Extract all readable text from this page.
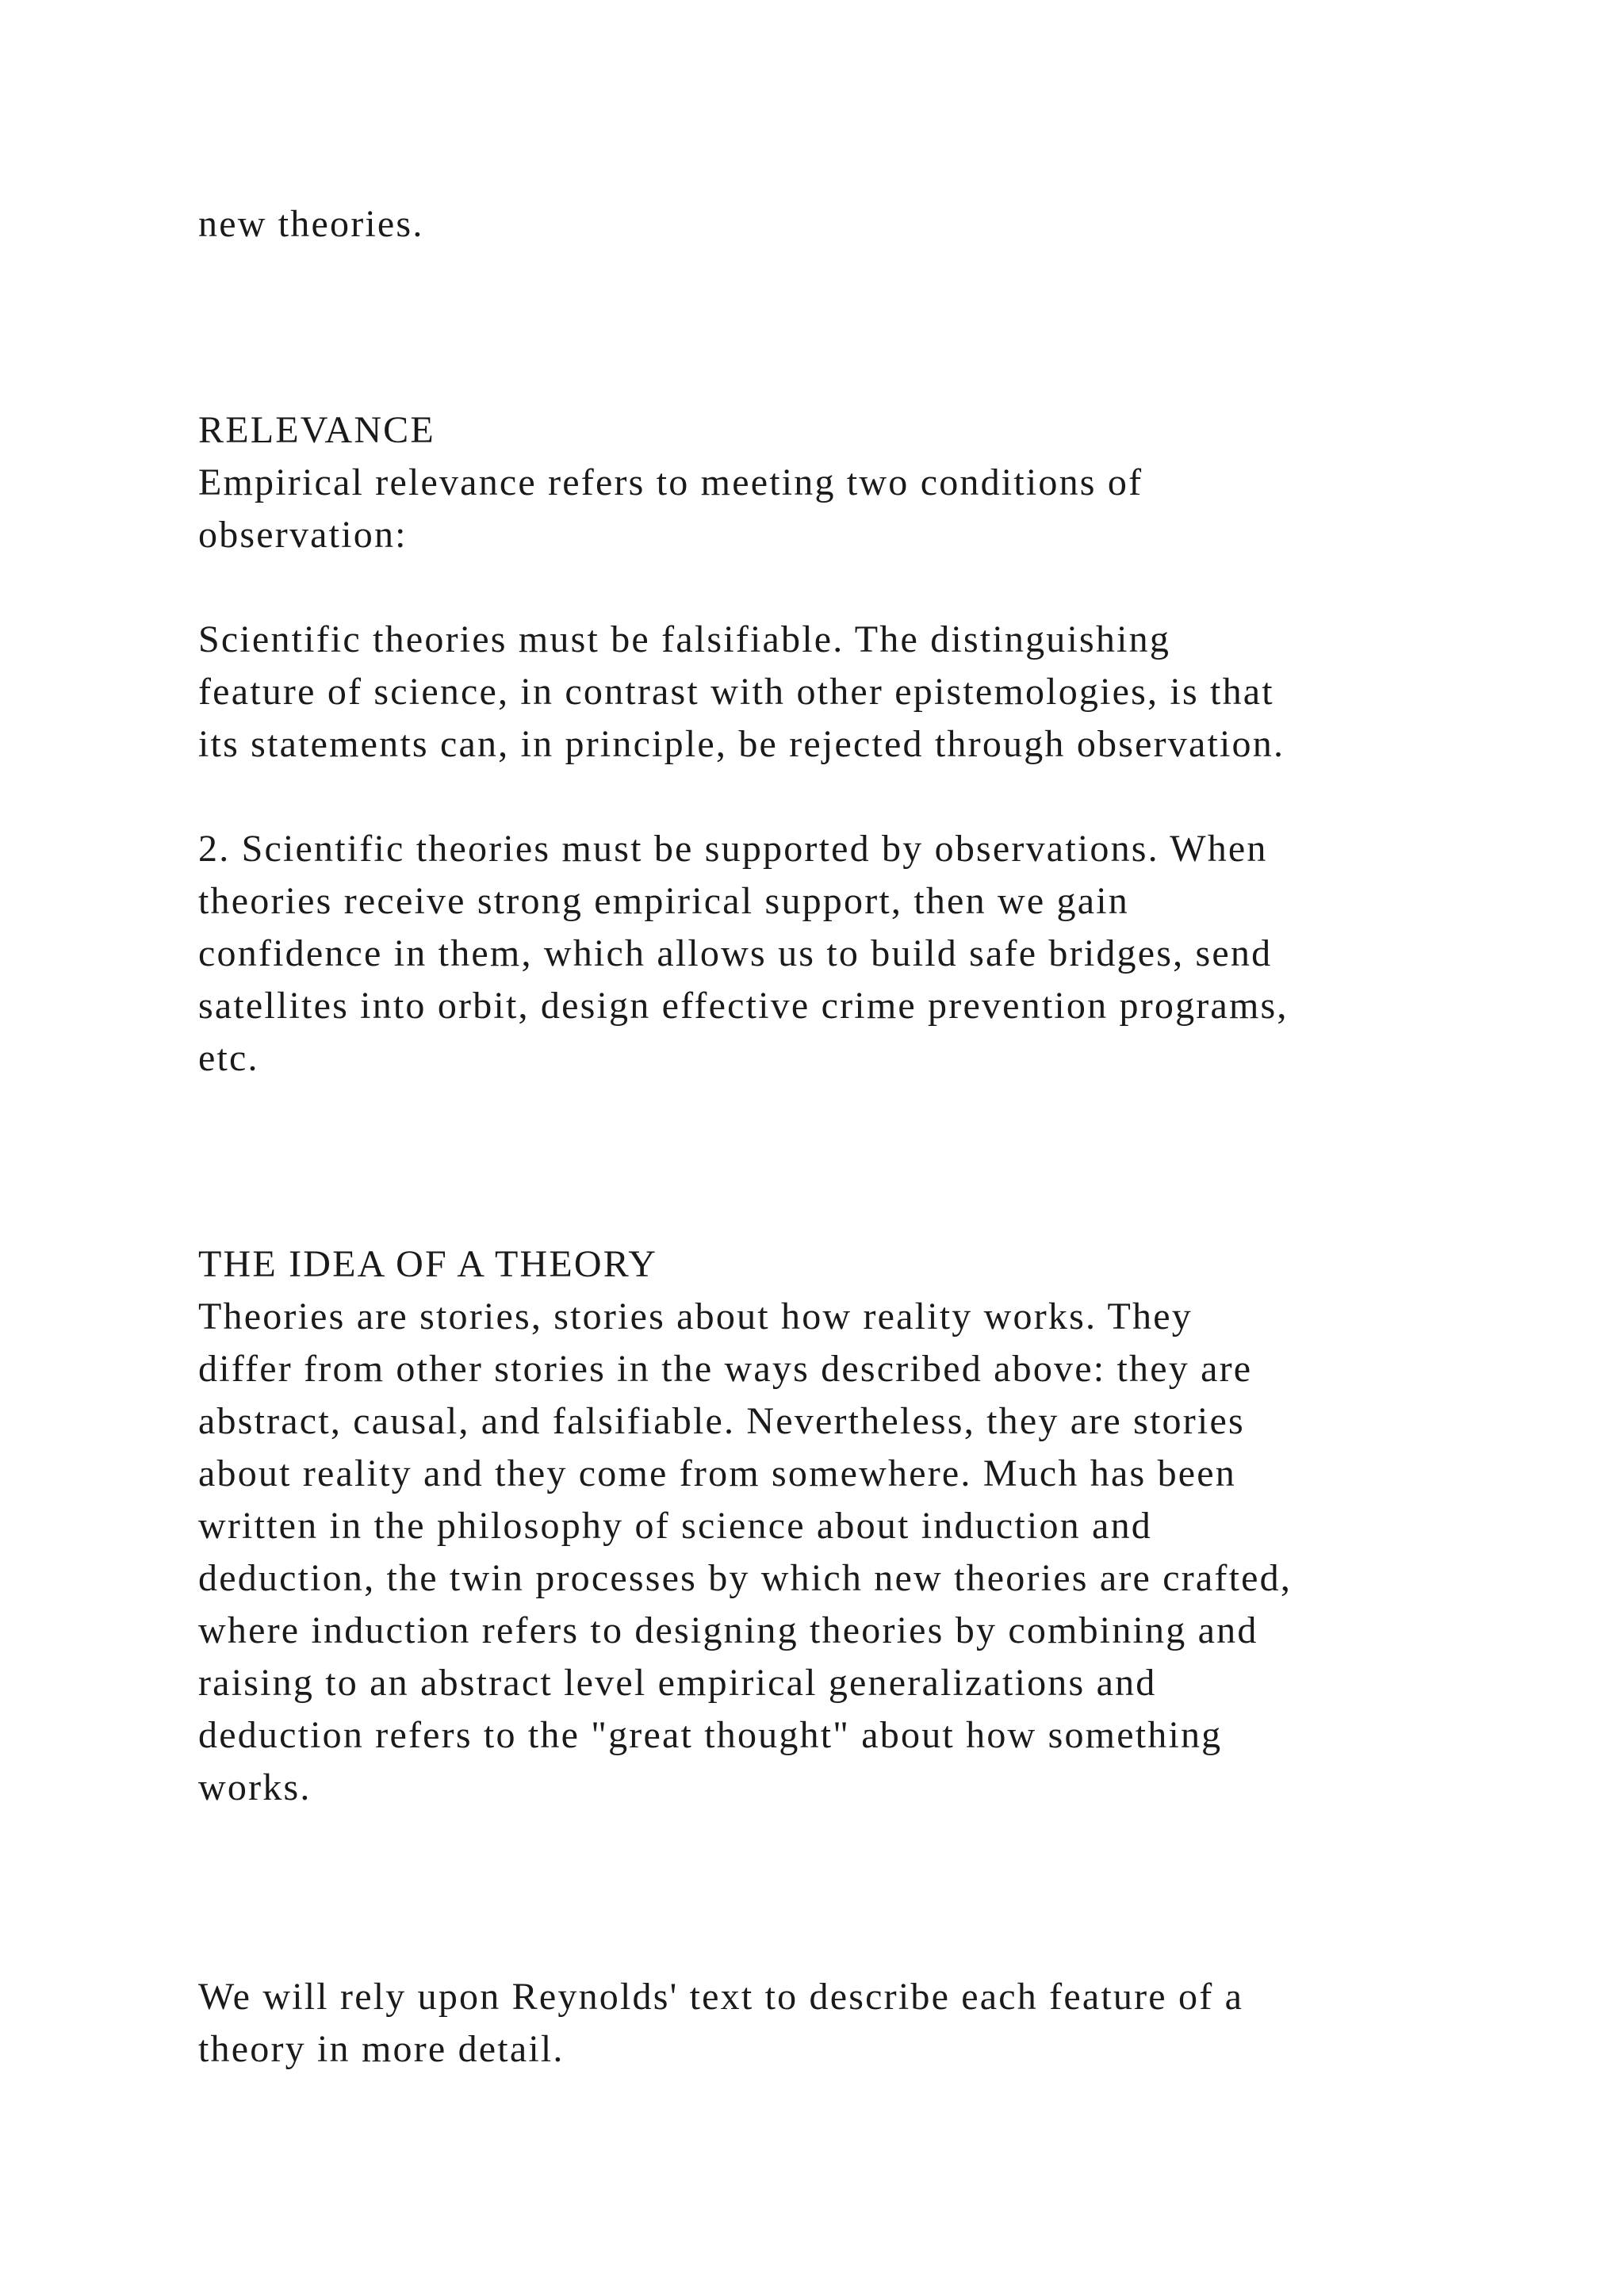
new theories.
RELEVANCE
Empirical relevance refers to meeting two conditions of
observation:
Scientific theories must be falsifiable. The distinguishing
feature of science, in contrast with other epistemologies, is that
its statements can, in principle, be rejected through observation.
2. Scientific theories must be supported by observations. When
theories receive strong empirical support, then we gain
confidence in them, which allows us to build safe bridges, send
satellites into orbit, design effective crime prevention programs,
etc.
THE IDEA OF A THEORY
Theories are stories, stories about how reality works. They
differ from other stories in the ways described above: they are
abstract, causal, and falsifiable. Nevertheless, they are stories
about reality and they come from somewhere. Much has been
written in the philosophy of science about induction and
deduction, the twin processes by which new theories are crafted,
where induction refers to designing theories by combining and
raising to an abstract level empirical generalizations and
deduction refers to the "great thought" about how something
works.
We will rely upon Reynolds' text to describe each feature of a
theory in more detail.
